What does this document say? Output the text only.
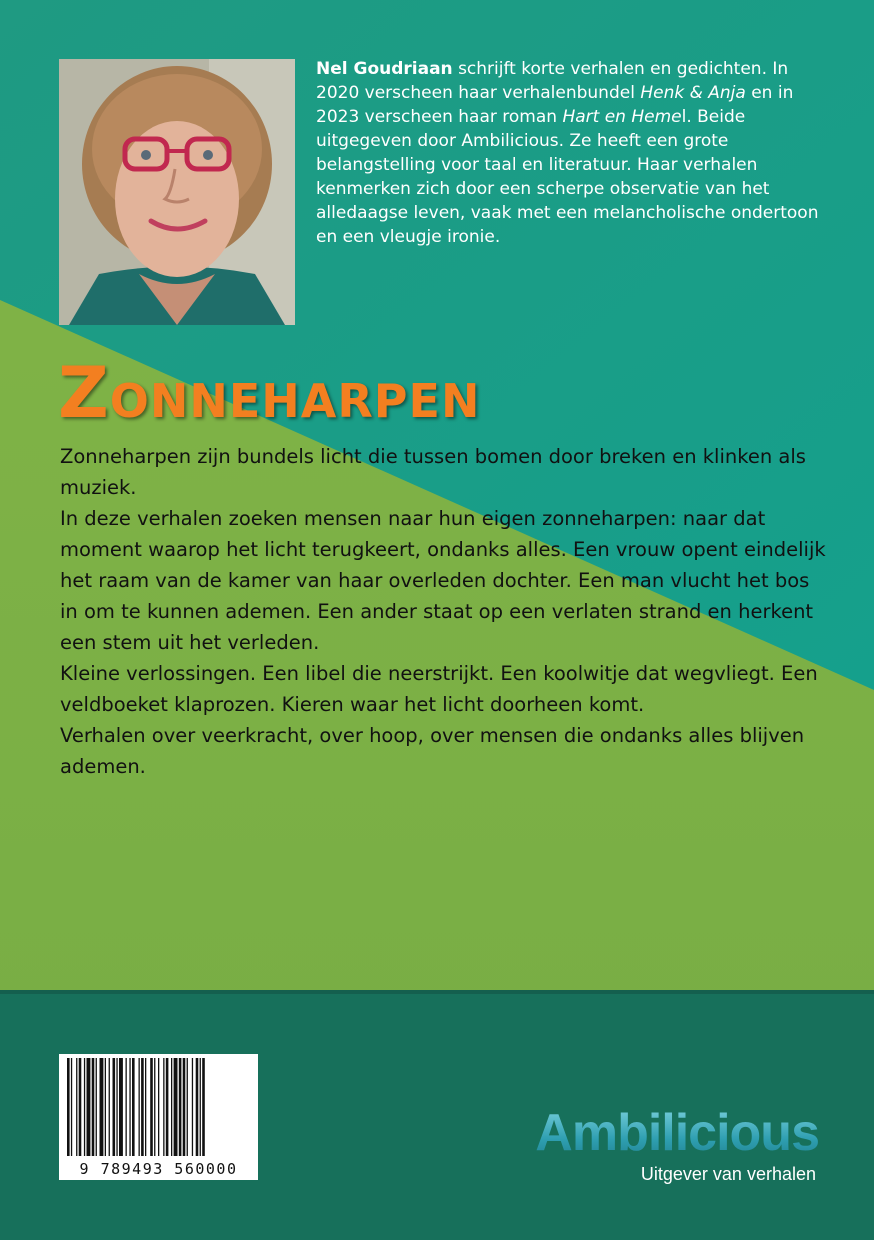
Nel Goudriaan schrijft korte verhalen en gedichten. In 2020 verscheen haar verhalenbundel Henk & Anja en in 2023 verscheen haar roman Hart en Hemel. Beide uitgegeven door Ambilicious. Ze heeft een grote belangstelling voor taal en literatuur. Haar verhalen kenmerken zich door een scherpe observatie van het alledaagse leven, vaak met een melancholische ondertoon en een vleugje ironie.

ZONNEHARPEN

Zonneharpen zijn bundels licht die tussen bomen door breken en klinken als muziek.

In deze verhalen zoeken mensen naar hun eigen zonneharpen: naar dat moment waarop het licht terugkeert, ondanks alles. Een vrouw opent eindelijk het raam van de kamer van haar overleden dochter. Een man vlucht het bos in om te kunnen ademen. Een ander staat op een verlaten strand en herkent een stem uit het verleden.

Kleine verlossingen. Een libel die neerstrijkt. Een koolwitje dat wegvliegt. Een veldboeket klaprozen. Kieren waar het licht doorheen komt.

Verhalen over veerkracht, over hoop, over mensen die ondanks alles blijven ademen.

9 789493 560000
Ambilicious
Uitgever van verhalen
